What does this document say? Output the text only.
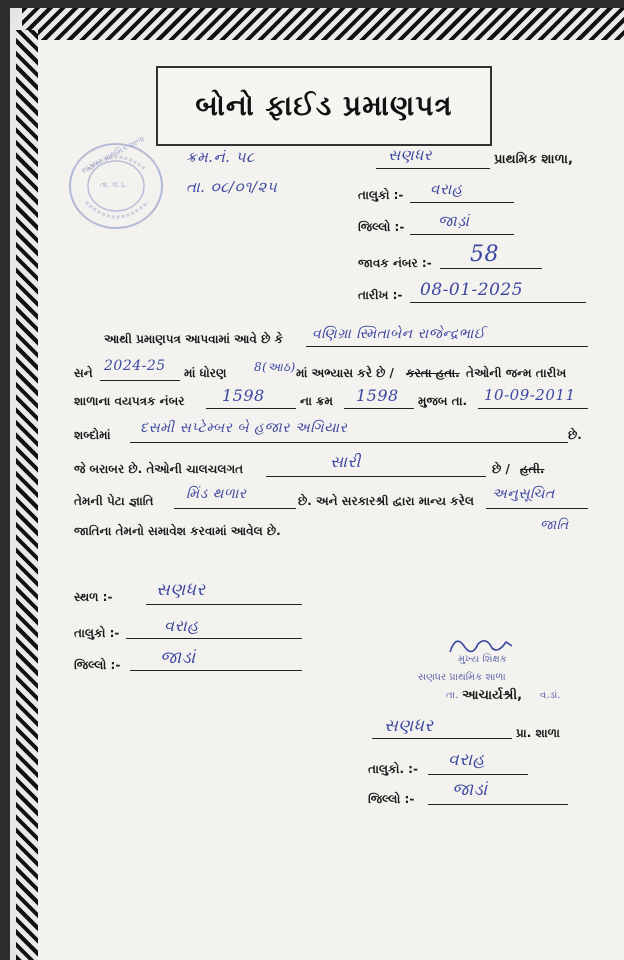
બોનો ફાઈડ પ્રમાણપત્ર
સણધર પ્રાથમિક શાળા
તા. વ.ડ.
ક્રમ.નં. ૫૮
તા. ૦૮/૦૧/૨૫
સણધર	પ્રાથમિક શાળા,
તાલુકો :- વરાહ
જિલ્લો :- જાડ઼ાં
જાવક નંબર :- 58
તારીખ :- 08-01-2025
આથી પ્રમાણપત્ર આપવામાં આવે છે કે વણિગ્રા સ્મિતાબેન રાજેન્દ્રભાઈ
સને 2024-25 માં ધોરણ 8(આઠ) માં અભ્યાસ કરે છે / કરતા હતા. તેઓની જન્મ તારીખ
શાળાના વયપત્રક નંબર 1598	ના ક્રમ 1598 મુજબ તા. 10-09-2011
શબ્દોમાં દસમી સપ્ટેમ્બર બે હજાર અગિયાર	છે.
જે બરાબર છે. તેઓની ચાલચલગત	સારી	છે / હતી.
તેમની પેટા જ્ઞાતિ મિંડ થળાર	છે. અને સરકારશ્રી દ્વારા માન્ય કરેલ અનુસૂચિત
જાતિ
જાતિના તેમનો સમાવેશ કરવામાં આવેલ છે.
સ્થળ :-	સણધર
તાલુકો :-	વરાહ
જિલ્લો :- જાડાં	મુખ્ય શિક્ષક
સણધર પ્રાથમિક શાળા
તા. આચાર્યશ્રી, વ.ડાં.
સણધર	પ્રા. શાળા
તાલુકો. :- વરાહ
જિલ્લો :- જાડાં
